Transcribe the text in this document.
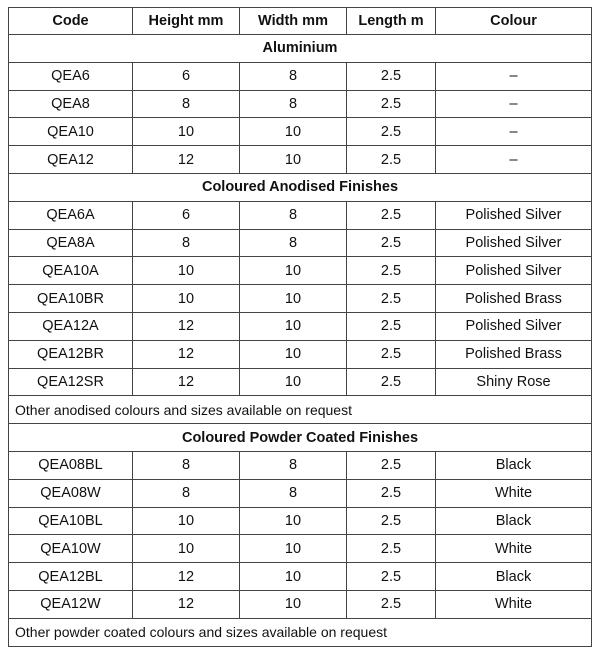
Code	Height mm	Width mm	Length m	Colour
Aluminium				
QEA6	6	8	2.5	–
QEA8	8	8	2.5	–
QEA10	10	10	2.5	–
QEA12	12	10	2.5	–
Coloured Anodised Finishes				
QEA6A	6	8	2.5	Polished Silver
QEA8A	8	8	2.5	Polished Silver
QEA10A	10	10	2.5	Polished Silver
QEA10BR	10	10	2.5	Polished Brass
QEA12A	12	10	2.5	Polished Silver
QEA12BR	12	10	2.5	Polished Brass
QEA12SR	12	10	2.5	Shiny Rose
Other anodised colours and sizes available on request				
Coloured Powder Coated Finishes				
QEA08BL	8	8	2.5	Black
QEA08W	8	8	2.5	White
QEA10BL	10	10	2.5	Black
QEA10W	10	10	2.5	White
QEA12BL	12	10	2.5	Black
QEA12W	12	10	2.5	White
Other powder coated colours and sizes available on request				
